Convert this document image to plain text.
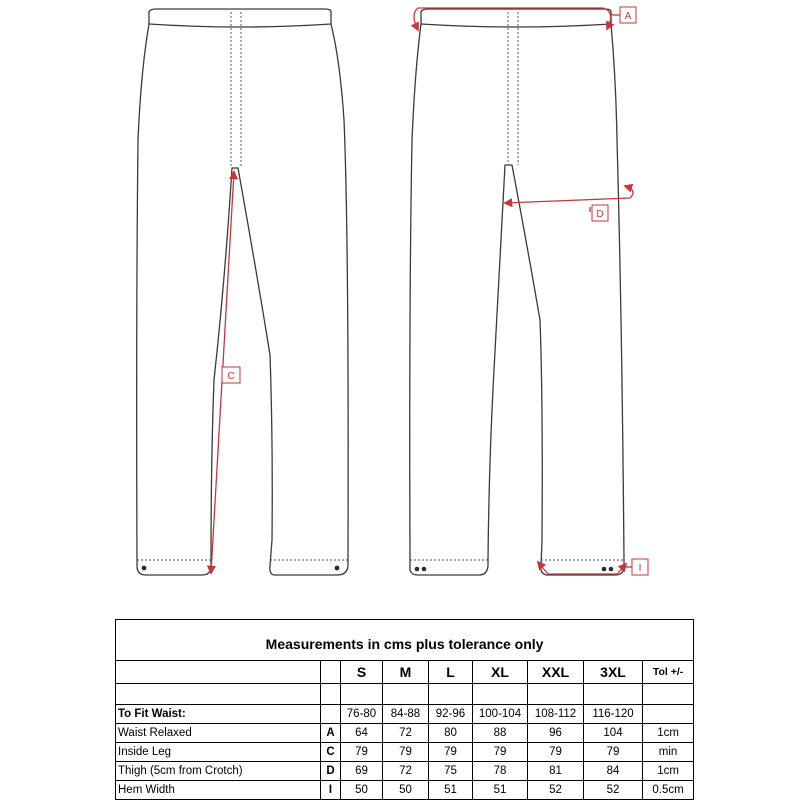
C
A
D
I
Measurements in cms plus tolerance only								
		S	M	L	XL	XXL	3XL	Tol +/-

To Fit Waist:		76-80	84-88	92-96	100-104	108-112	116-120	
Waist Relaxed	A	64	72	80	88	96	104	1cm
Inside Leg	C	79	79	79	79	79	79	min
Thigh (5cm from Crotch)	D	69	72	75	78	81	84	1cm
Hem Width	I	50	50	51	51	52	52	0.5cm
